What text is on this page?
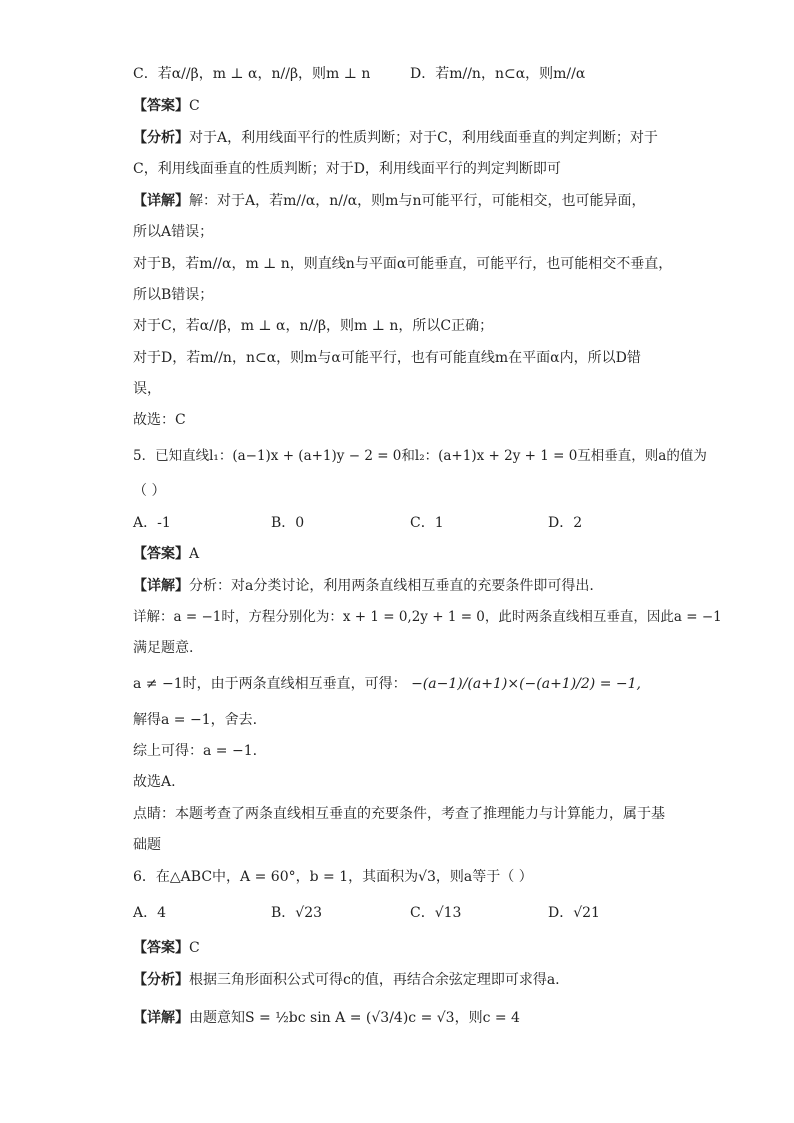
C．若α//β，m ⊥ α，n//β，则m ⊥ n	D．若m//n，n⊂α，则m//α
【答案】C
【分析】对于A，利用线面平行的性质判断；对于C，利用线面垂直的判定判断；对于
C，利用线面垂直的性质判断；对于D，利用线面平行的判定判断即可
【详解】解：对于A，若m//α，n//α，则m与n可能平行，可能相交，也可能异面，
所以A错误；
对于B，若m//α，m ⊥ n，则直线n与平面α可能垂直，可能平行，也可能相交不垂直，
所以B错误；
对于C，若α//β，m ⊥ α，n//β，则m ⊥ n，所以C正确；
对于D，若m//n，n⊂α，则m与α可能平行，也有可能直线m在平面α内，所以D错
误，
故选：C
5．已知直线l₁：(a−1)x + (a+1)y − 2 = 0和l₂：(a+1)x + 2y + 1 = 0互相垂直，则a的值为
（ ）
A．-1	B．0	C．1	D．2
【答案】A
【详解】分析：对a分类讨论，利用两条直线相互垂直的充要条件即可得出.
详解：a = −1时，方程分别化为：x + 1 = 0,2y + 1 = 0，此时两条直线相互垂直，因此a = −1
满足题意.
a ≠ −1时，由于两条直线相互垂直，可得： −(a−1)/(a+1)×(−(a+1)/2) = −1,
解得a = −1，舍去.
综上可得：a = −1.
故选A.
点睛：本题考查了两条直线相互垂直的充要条件，考查了推理能力与计算能力，属于基
础题
6．在△ABC中，A = 60°，b = 1，其面积为√3，则a等于（ ）
A．4	B．√23	C．√13	D．√21
【答案】C
【分析】根据三角形面积公式可得c的值，再结合余弦定理即可求得a.
【详解】由题意知S = ½bc sin A = (√3/4)c = √3，则c = 4
